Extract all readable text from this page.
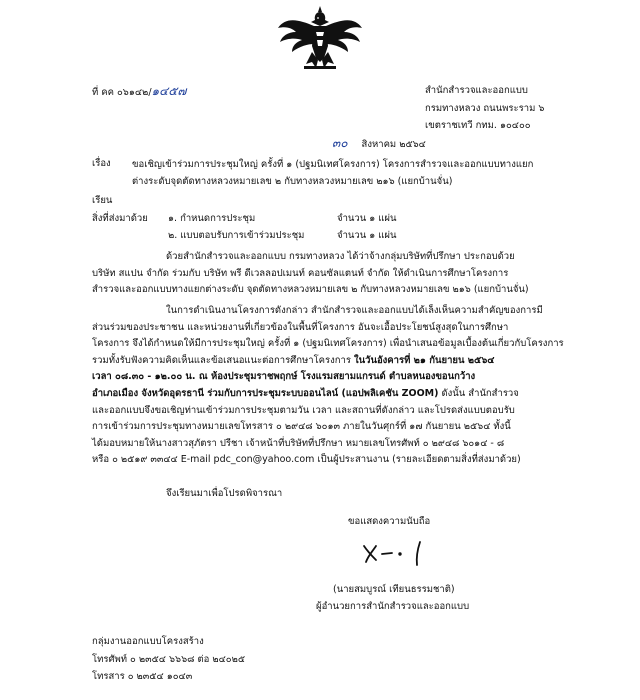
ที่ คค ๐๖๑๔๒/๑๔๕๗	สำนักสำรวจและออกแบบ
กรมทางหลวง ถนนพระราม ๖
เขตราชเทวี กทม. ๑๐๔๐๐
๓๐ สิงหาคม ๒๕๖๔
เรื่อง ขอเชิญเข้าร่วมการประชุมใหญ่ ครั้งที่ ๑ (ปฐมนิเทศโครงการ) โครงการสำรวจและออกแบบทางแยก
ต่างระดับจุดตัดทางหลวงหมายเลข ๒ กับทางหลวงหมายเลข ๒๑๖ (แยกบ้านจั่น)
เรียน
สิ่งที่ส่งมาด้วย ๑. กำหนดการประชุม	จำนวน ๑ แผ่น
๒. แบบตอบรับการเข้าร่วมประชุม	จำนวน ๑ แผ่น
ด้วยสำนักสำรวจและออกแบบ กรมทางหลวง ได้ว่าจ้างกลุ่มบริษัทที่ปรึกษา ประกอบด้วย
บริษัท สแปน จำกัด ร่วมกับ บริษัท พรี ดีเวลลอปเมนท์ คอนซัลแตนท์ จำกัด ให้ดำเนินการศึกษาโครงการ
สำรวจและออกแบบทางแยกต่างระดับ จุดตัดทางหลวงหมายเลข ๒ กับทางหลวงหมายเลข ๒๑๖ (แยกบ้านจั่น)
ในการดำเนินงานโครงการดังกล่าว สำนักสำรวจและออกแบบได้เล็งเห็นความสำคัญของการมี
ส่วนร่วมของประชาชน และหน่วยงานที่เกี่ยวข้องในพื้นที่โครงการ อันจะเอื้อประโยชน์สูงสุดในการศึกษา
โครงการ จึงได้กำหนดให้มีการประชุมใหญ่ ครั้งที่ ๑ (ปฐมนิเทศโครงการ) เพื่อนำเสนอข้อมูลเบื้องต้นเกี่ยวกับโครงการ
รวมทั้งรับฟังความคิดเห็นและข้อเสนอแนะต่อการศึกษาโครงการ ในวันอังคารที่ ๒๑ กันยายน ๒๕๖๔
เวลา ๐๘.๓๐ - ๑๒.๐๐ น. ณ ห้องประชุมราชพฤกษ์ โรงแรมสยามแกรนด์ ตำบลหนองขอนกว้าง
อำเภอเมือง จังหวัดอุดรธานี ร่วมกับการประชุมระบบออนไลน์ (แอปพลิเคชัน ZOOM) ดังนั้น สำนักสำรวจ
และออกแบบจึงขอเชิญท่านเข้าร่วมการประชุมตามวัน เวลา และสถานที่ดังกล่าว และโปรดส่งแบบตอบรับ
การเข้าร่วมการประชุมทางหมายเลขโทรสาร ๐ ๒๙๔๘ ๖๐๑๓ ภายในวันศุกร์ที่ ๑๗ กันยายน ๒๕๖๔ ทั้งนี้
ได้มอบหมายให้นางสาวสุภัตรา ปรีชา เจ้าหน้าที่บริษัทที่ปรึกษา หมายเลขโทรศัพท์ ๐ ๒๙๔๘ ๖๐๑๔ - ๘
หรือ ๐ ๒๕๑๙ ๓๓๔๔ E-mail pdc_con@yahoo.com เป็นผู้ประสานงาน (รายละเอียดตามสิ่งที่ส่งมาด้วย)
จึงเรียนมาเพื่อโปรดพิจารณา
ขอแสดงความนับถือ
(นายสมบูรณ์ เทียนธรรมชาติ)
ผู้อำนวยการสำนักสำรวจและออกแบบ
กลุ่มงานออกแบบโครงสร้าง
โทรศัพท์ ๐ ๒๓๕๔ ๖๖๖๘ ต่อ ๒๔๐๒๕
โทรสาร ๐ ๒๓๕๔ ๑๐๔๓
